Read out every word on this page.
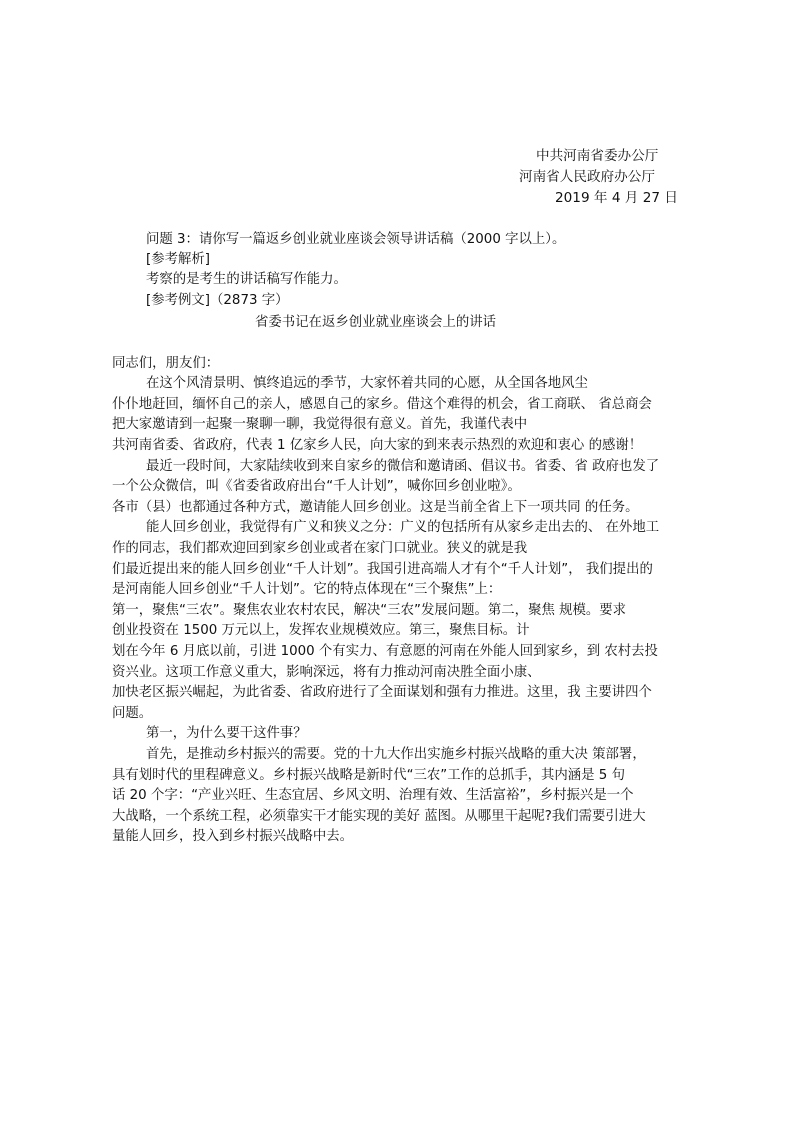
中共河南省委办公厅
河南省人民政府办公厅
2019 年 4 月 27 日
问题 3：请你写一篇返乡创业就业座谈会领导讲话稿（2000 字以上）。
[参考解析]
考察的是考生的讲话稿写作能力。
[参考例文]（2873 字）
省委书记在返乡创业就业座谈会上的讲话
同志们，朋友们：
在这个风清景明、慎终追远的季节，大家怀着共同的心愿，从全国各地风尘
仆仆地赶回，缅怀自己的亲人，感恩自己的家乡。借这个难得的机会，省工商联、 省总商会
把大家邀请到一起聚一聚聊一聊，我觉得很有意义。首先，我谨代表中
共河南省委、省政府，代表 1 亿家乡人民，向大家的到来表示热烈的欢迎和衷心 的感谢！
最近一段时间，大家陆续收到来自家乡的微信和邀请函、倡议书。省委、省 政府也发了
一个公众微信，叫《省委省政府出台“千人计划”，喊你回乡创业啦》。
各市（县）也都通过各种方式，邀请能人回乡创业。这是当前全省上下一项共同 的任务。
能人回乡创业，我觉得有广义和狭义之分：广义的包括所有从家乡走出去的、 在外地工
作的同志，我们都欢迎回到家乡创业或者在家门口就业。狭义的就是我
们最近提出来的能人回乡创业“千人计划”。我国引进高端人才有个“千人计划”， 我们提出的
是河南能人回乡创业“千人计划”。它的特点体现在“三个聚焦”上：
第一，聚焦“三农”。聚焦农业农村农民，解决“三农”发展问题。第二，聚焦 规模。要求
创业投资在 1500 万元以上，发挥农业规模效应。第三，聚焦目标。计
划在今年 6 月底以前，引进 1000 个有实力、有意愿的河南在外能人回到家乡，到 农村去投
资兴业。这项工作意义重大，影响深远，将有力推动河南决胜全面小康、
加快老区振兴崛起，为此省委、省政府进行了全面谋划和强有力推进。这里，我 主要讲四个
问题。
第一，为什么要干这件事？
首先，是推动乡村振兴的需要。党的十九大作出实施乡村振兴战略的重大决 策部署，
具有划时代的里程碑意义。乡村振兴战略是新时代“三农”工作的总抓手，其内涵是 5 句
话 20 个字：“产业兴旺、生态宜居、乡风文明、治理有效、生活富裕”，乡村振兴是一个
大战略，一个系统工程，必须靠实干才能实现的美好 蓝图。从哪里干起呢?我们需要引进大
量能人回乡，投入到乡村振兴战略中去。
